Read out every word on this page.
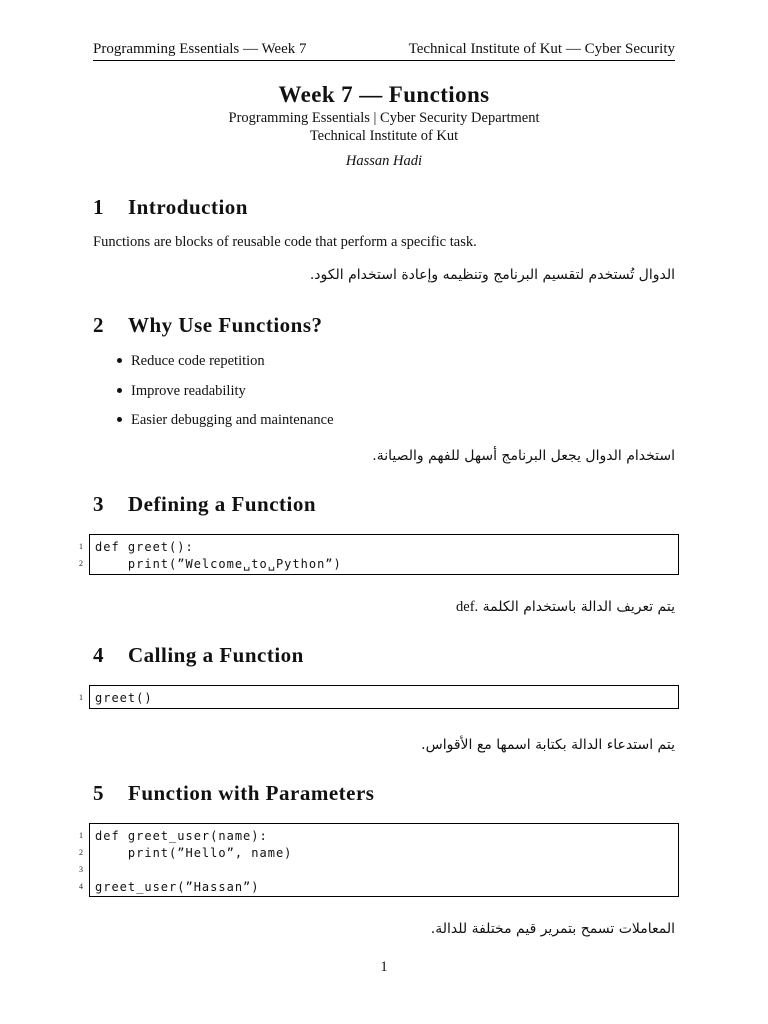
Programming Essentials — Week 7	Technical Institute of Kut — Cyber Security
Week 7 — Functions
Programming Essentials | Cyber Security Department
Technical Institute of Kut
Hassan Hadi
1 Introduction
Functions are blocks of reusable code that perform a specific task.
الدوال تُستخدم لتقسيم البرنامج وتنظيمه وإعادة استخدام الكود.
2 Why Use Functions?
Reduce code repetition
Improve readability
Easier debugging and maintenance
استخدام الدوال يجعل البرنامج أسهل للفهم والصيانة.
3 Defining a Function
1 def greet():
2 print(”Welcome␣to␣Python”)
يتم تعريف الدالة باستخدام الكلمة def.
4 Calling a Function
1 greet()
يتم استدعاء الدالة بكتابة اسمها مع الأقواس.
5 Function with Parameters
1 def greet_user(name):
2 print(”Hello”, name)
3
4 greet_user(”Hassan”)
المعاملات تسمح بتمرير قيم مختلفة للدالة.
1
